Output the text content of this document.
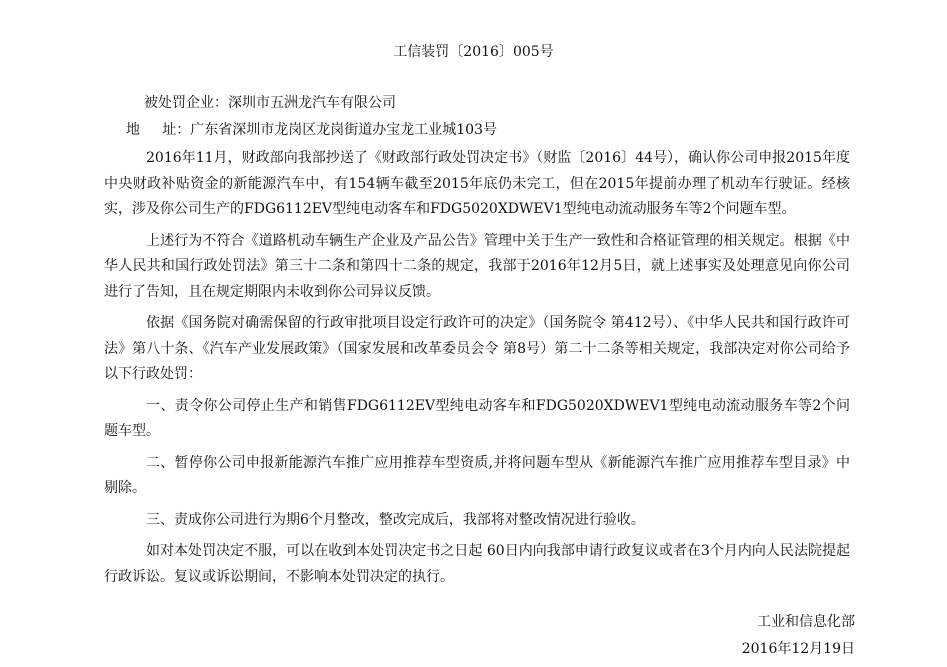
工信装罚〔2016〕005号
被处罚企业：深圳市五洲龙汽车有限公司
地 址：广东省深圳市龙岗区龙岗街道办宝龙工业城103号

2016年11月，财政部向我部抄送了《财政部行政处罚决定书》（财监〔2016〕44号），确认你公司申报2015年度中央财政补贴资金的新能源汽车中，有154辆车截至2015年底仍未完工，但在2015年提前办理了机动车行驶证。经核实，涉及你公司生产的FDG6112EV型纯电动客车和FDG5020XDWEV1型纯电动流动服务车等2个问题车型。

上述行为不符合《道路机动车辆生产企业及产品公告》管理中关于生产一致性和合格证管理的相关规定。根据《中华人民共和国行政处罚法》第三十二条和第四十二条的规定，我部于2016年12月5日，就上述事实及处理意见向你公司进行了告知，且在规定期限内未收到你公司异议反馈。

依据《国务院对确需保留的行政审批项目设定行政许可的决定》（国务院令 第412号）、《中华人民共和国行政许可法》第八十条、《汽车产业发展政策》（国家发展和改革委员会令 第8号）第二十二条等相关规定，我部决定对你公司给予以下行政处罚：

一、责令你公司停止生产和销售FDG6112EV型纯电动客车和FDG5020XDWEV1型纯电动流动服务车等2个问题车型。

二、暂停你公司申报新能源汽车推广应用推荐车型资质,并将问题车型从《新能源汽车推广应用推荐车型目录》中剔除。

三、责成你公司进行为期6个月整改，整改完成后，我部将对整改情况进行验收。

如对本处罚决定不服，可以在收到本处罚决定书之日起 60日内向我部申请行政复议或者在3个月内向人民法院提起行政诉讼。复议或诉讼期间，不影响本处罚决定的执行。

工业和信息化部
2016年12月19日
